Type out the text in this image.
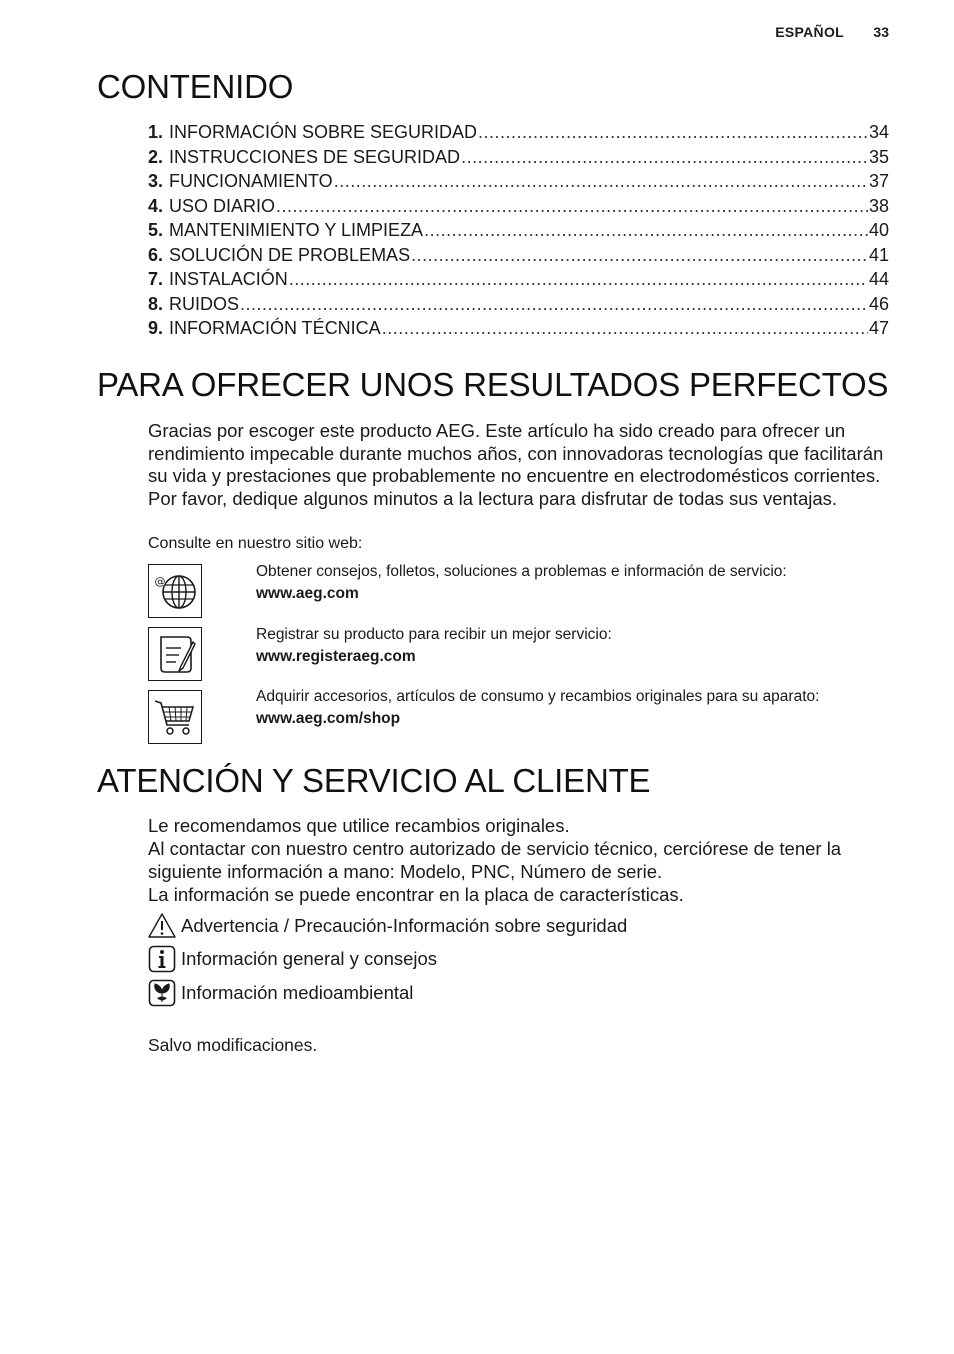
ESPAÑOL 33
CONTENIDO
1. INFORMACIÓN SOBRE SEGURIDAD .....	34
2. INSTRUCCIONES DE SEGURIDAD .....	35
3. FUNCIONAMIENTO .....	37
4. USO DIARIO .....	38
5. MANTENIMIENTO Y LIMPIEZA .....	40
6. SOLUCIÓN DE PROBLEMAS .....	41
7. INSTALACIÓN .....	44
8. RUIDOS .....	46
9. INFORMACIÓN TÉCNICA .....	47
PARA OFRECER UNOS RESULTADOS PERFECTOS

Gracias por escoger este producto AEG. Este artículo ha sido creado para ofrecer un rendimiento impecable durante muchos años, con innovadoras tecnologías que facilitarán su vida y prestaciones que probablemente no encuentre en electrodomésticos corrientes. Por favor, dedique algunos minutos a la lectura para disfrutar de todas sus ventajas.

Consulte en nuestro sitio web:
@
Obtener consejos, folletos, soluciones a problemas e información de servicio:
www.aeg.com
Registrar su producto para recibir un mejor servicio:
www.registeraeg.com
Adquirir accesorios, artículos de consumo y recambios originales para su aparato:
www.aeg.com/shop
ATENCIÓN Y SERVICIO AL CLIENTE

Le recomendamos que utilice recambios originales.

Al contactar con nuestro centro autorizado de servicio técnico, cerciórese de tener la siguiente información a mano: Modelo, PNC, Número de serie.

La información se puede encontrar en la placa de características.

Advertencia / Precaución-Información sobre seguridad
Información general y consejos
Información medioambiental
Salvo modificaciones.
